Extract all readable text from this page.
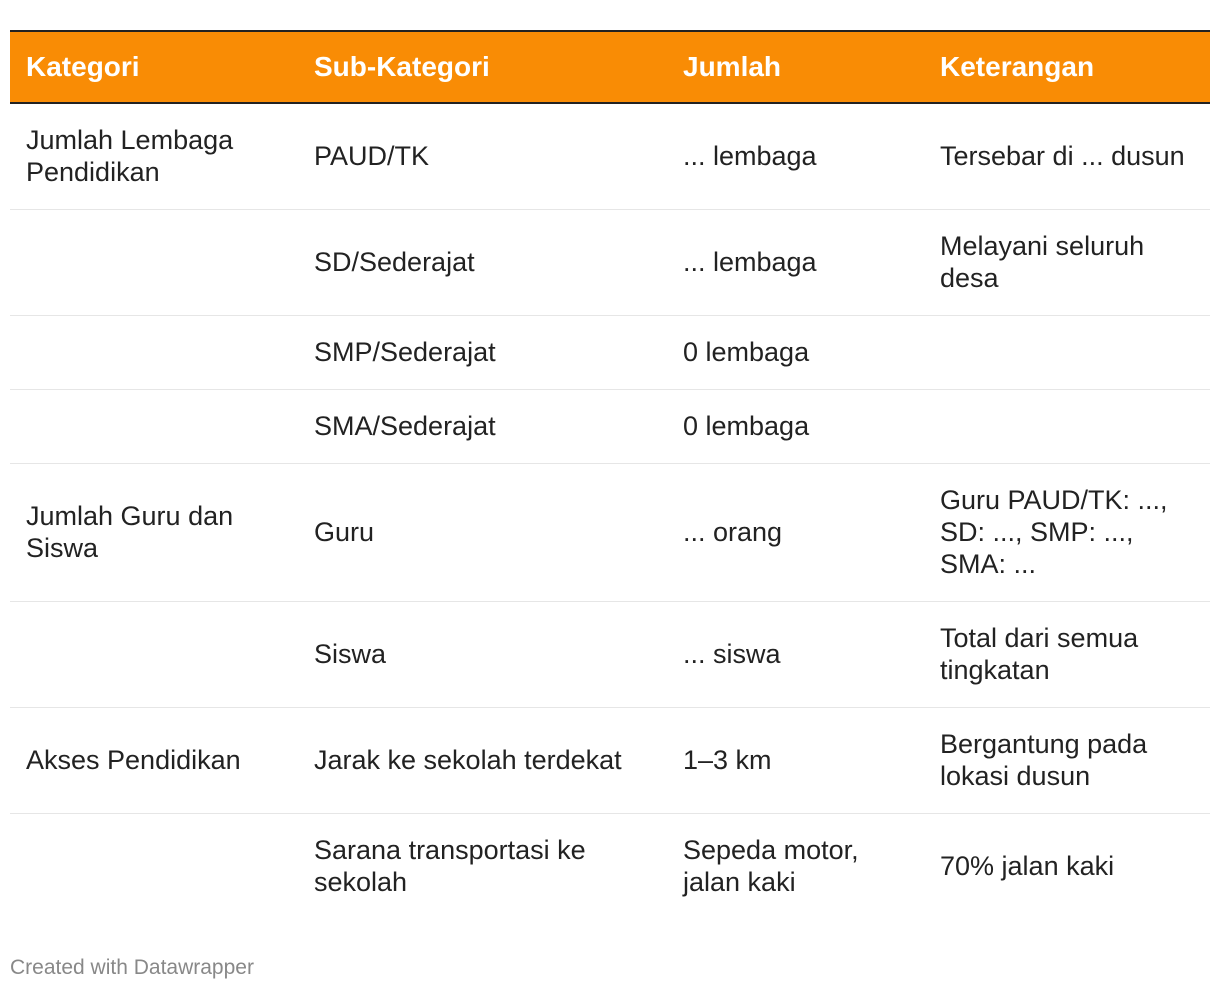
Kategori	Sub-Kategori	Jumlah	Keterangan
Jumlah Lembaga Pendidikan	PAUD/TK	... lembaga	Tersebar di ... dusun
	SD/Sederajat	... lembaga	Melayani seluruh desa
	SMP/Sederajat	0 lembaga	
	SMA/Sederajat	0 lembaga	
Jumlah Guru dan Siswa	Guru	... orang	Guru PAUD/TK: ..., SD: ..., SMP: ..., SMA: ...
	Siswa	... siswa	Total dari semua tingkatan
Akses Pendidikan	Jarak ke sekolah terdekat	1–3 km	Bergantung pada lokasi dusun
	Sarana transportasi ke sekolah	Sepeda motor, jalan kaki	70% jalan kaki
Created with Datawrapper
